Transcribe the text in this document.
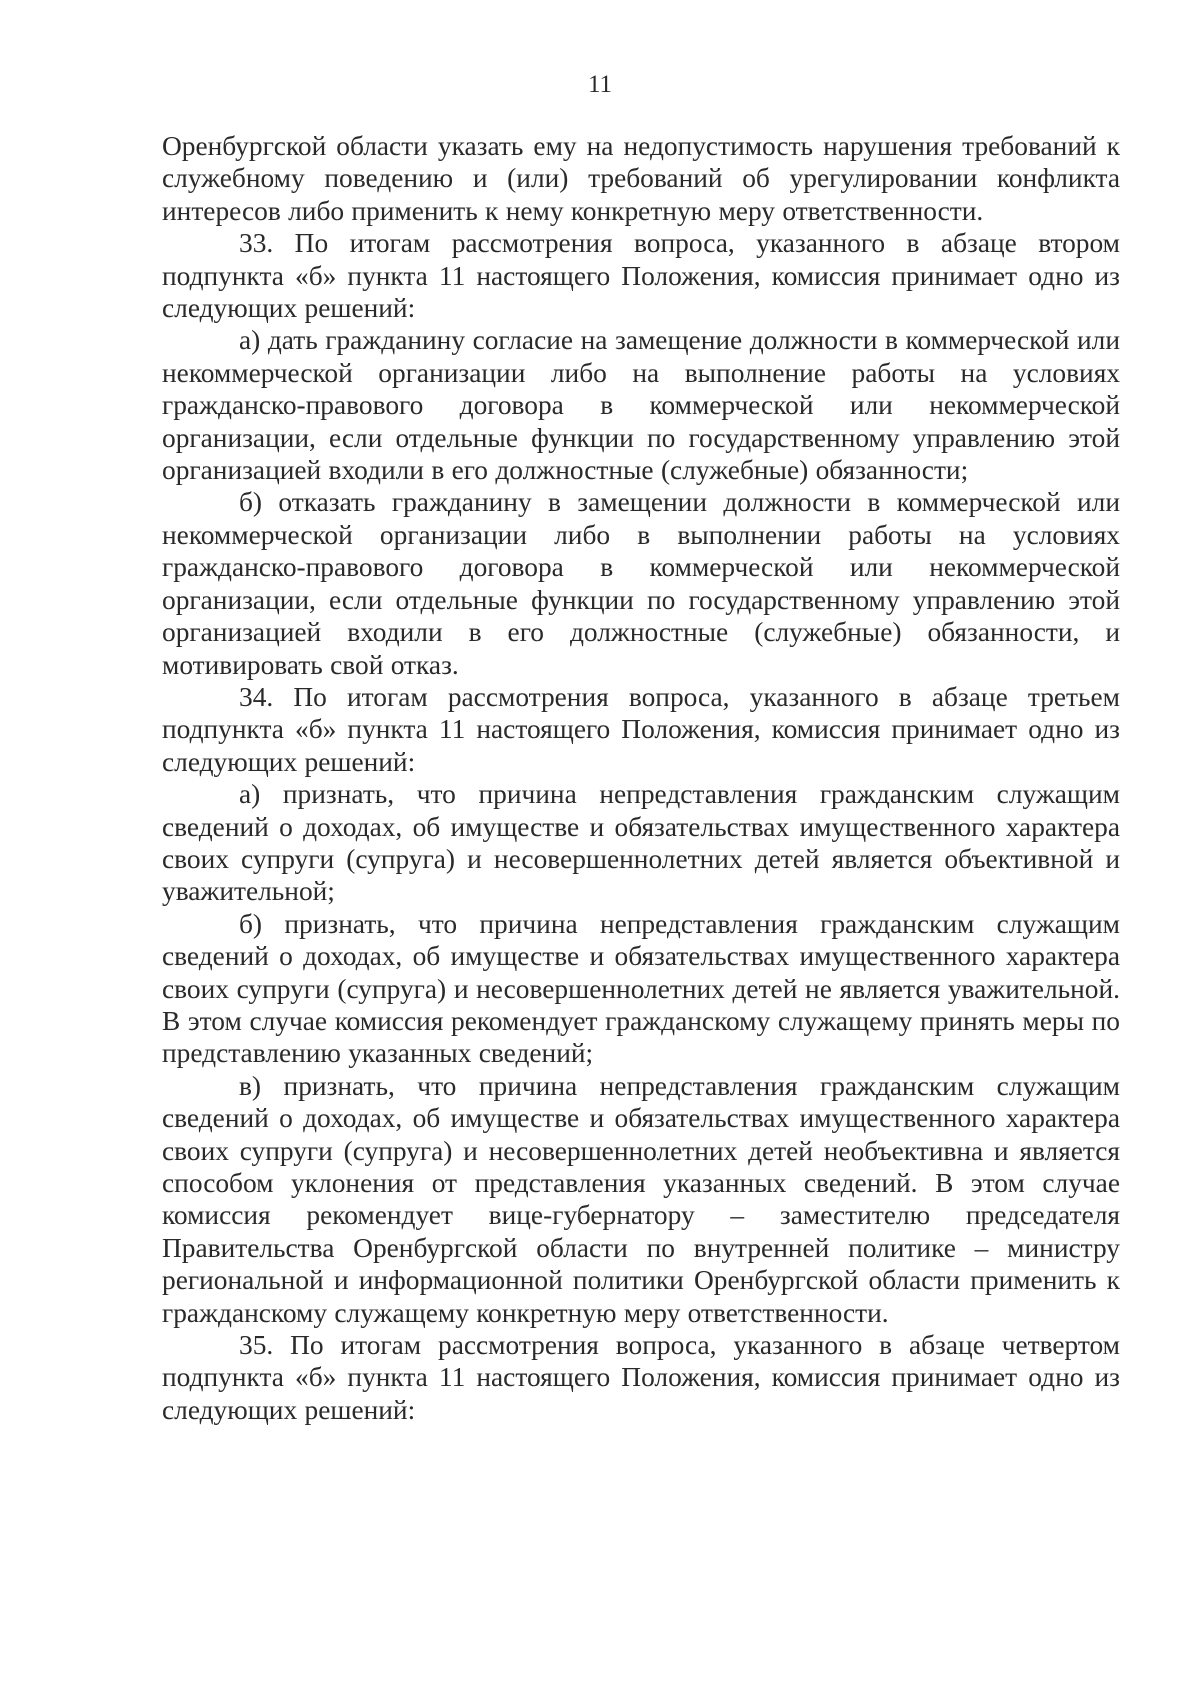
11

Оренбургской области указать ему на недопустимость нарушения требований к служебному поведению и (или) требований об урегулировании конфликта интересов либо применить к нему конкретную меру ответственности.

33. По итогам рассмотрения вопроса, указанного в абзаце втором подпункта «б» пункта 11 настоящего Положения, комиссия принимает одно из следующих решений:

а) дать гражданину согласие на замещение должности в коммерческой или некоммерческой организации либо на выполнение работы на условиях гражданско-правового договора в коммерческой или некоммерческой организации, если отдельные функции по государственному управлению этой организацией входили в его должностные (служебные) обязанности;

б) отказать гражданину в замещении должности в коммерческой или некоммерческой организации либо в выполнении работы на условиях гражданско-правового договора в коммерческой или некоммерческой организации, если отдельные функции по государственному управлению этой организацией входили в его должностные (служебные) обязанности, и мотивировать свой отказ.

34. По итогам рассмотрения вопроса, указанного в абзаце третьем подпункта «б» пункта 11 настоящего Положения, комиссия принимает одно из следующих решений:

а) признать, что причина непредставления гражданским служащим сведений о доходах, об имуществе и обязательствах имущественного характера своих супруги (супруга) и несовершеннолетних детей является объективной и уважительной;

б) признать, что причина непредставления гражданским служащим сведений о доходах, об имуществе и обязательствах имущественного характера своих супруги (супруга) и несовершеннолетних детей не является уважительной. В этом случае комиссия рекомендует гражданскому служащему принять меры по представлению указанных сведений;

в) признать, что причина непредставления гражданским служащим сведений о доходах, об имуществе и обязательствах имущественного характера своих супруги (супруга) и несовершеннолетних детей необъективна и является способом уклонения от представления указанных сведений. В этом случае комиссия рекомендует вице-губернатору – заместителю председателя Правительства Оренбургской области по внутренней политике – министру региональной и информационной политики Оренбургской области применить к гражданскому служащему конкретную меру ответственности.

35. По итогам рассмотрения вопроса, указанного в абзаце четвертом подпункта «б» пункта 11 настоящего Положения, комиссия принимает одно из следующих решений:
